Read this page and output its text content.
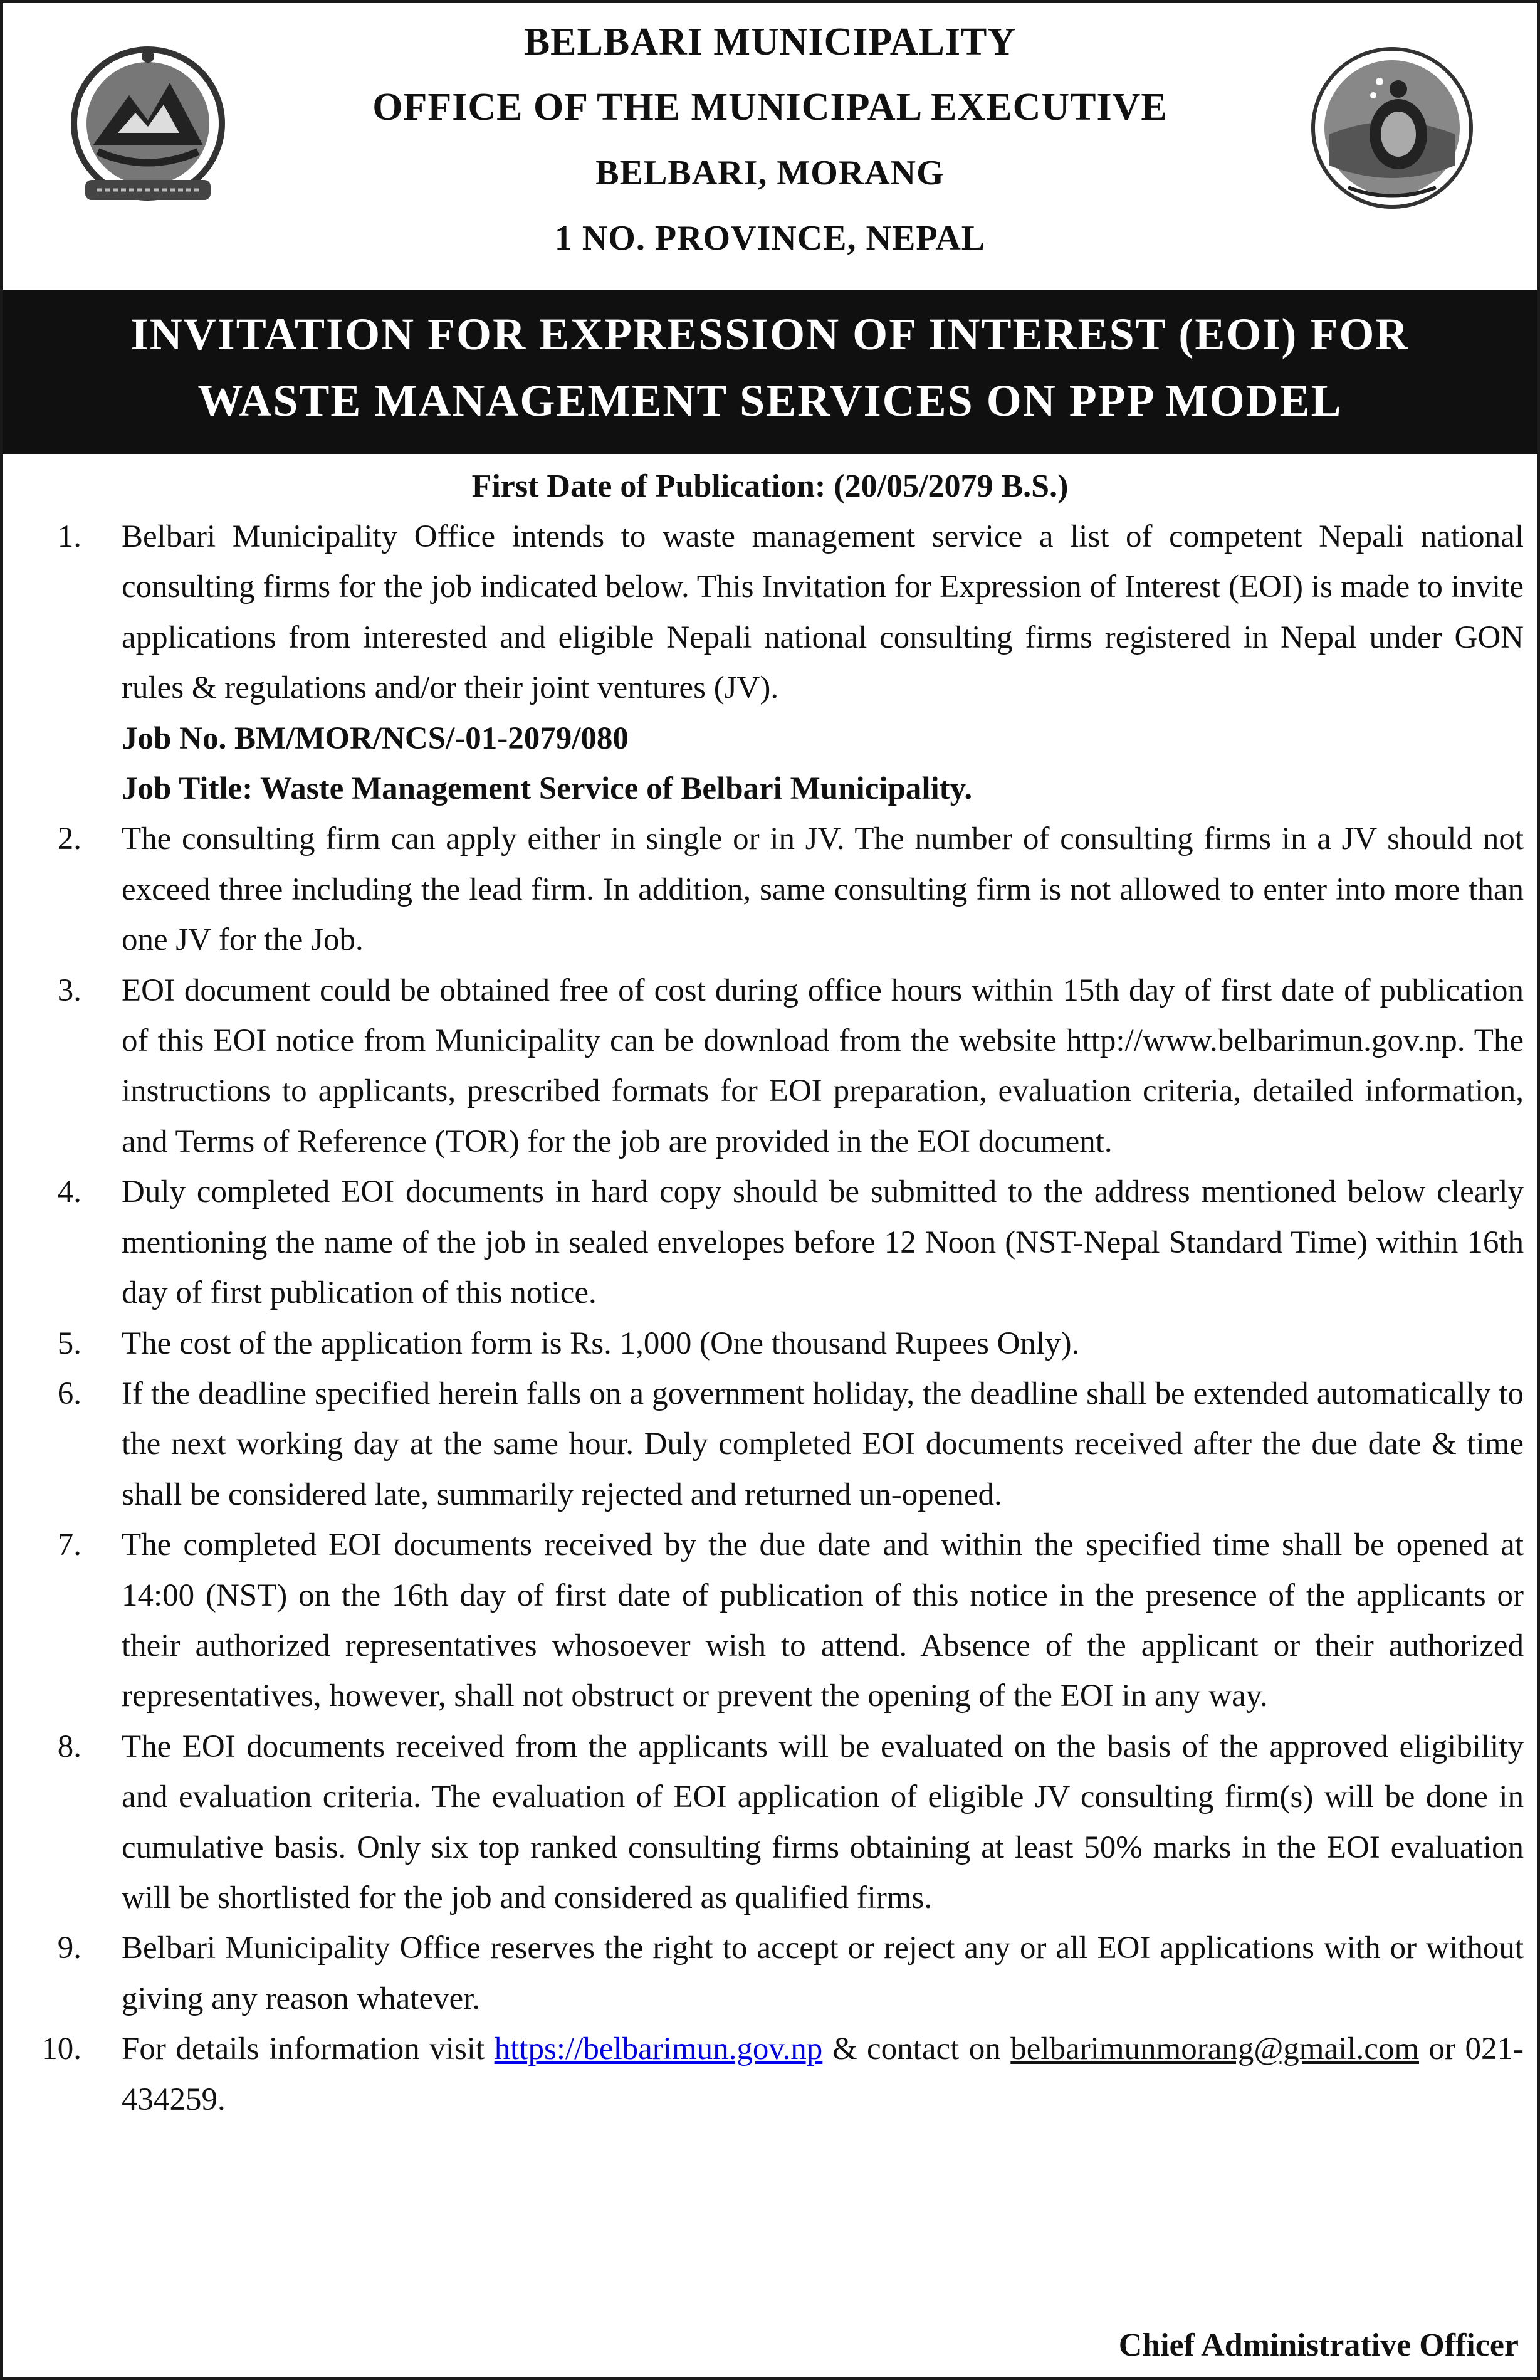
BELBARI MUNICIPALITY
OFFICE OF THE MUNICIPAL EXECUTIVE
BELBARI, MORANG
1 NO. PROVINCE, NEPAL
INVITATION FOR EXPRESSION OF INTEREST (EOI) FOR
WASTE MANAGEMENT SERVICES ON PPP MODEL
First Date of Publication: (20/05/2079 B.S.)
1. Belbari Municipality Office intends to waste management service a list of competent Nepali national consulting firms for the job indicated below. This Invitation for Expression of Interest (EOI) is made to invite applications from interested and eligible Nepali national consulting firms registered in Nepal under GON rules & regulations and/or their joint ventures (JV).
Job No. BM/MOR/NCS/-01-2079/080
Job Title: Waste Management Service of Belbari Municipality.
2. The consulting firm can apply either in single or in JV. The number of consulting firms in a JV should not exceed three including the lead firm. In addition, same consulting firm is not allowed to enter into more than one JV for the Job.
3. EOI document could be obtained free of cost during office hours within 15th day of first date of publication of this EOI notice from Municipality can be download from the website http://www.belbarimun.gov.np. The instructions to applicants, prescribed formats for EOI preparation, evaluation criteria, detailed information, and Terms of Reference (TOR) for the job are provided in the EOI document.
4. Duly completed EOI documents in hard copy should be submitted to the address mentioned below clearly mentioning the name of the job in sealed envelopes before 12 Noon (NST-Nepal Standard Time) within 16th day of first publication of this notice.
5. The cost of the application form is Rs. 1,000 (One thousand Rupees Only).
6. If the deadline specified herein falls on a government holiday, the deadline shall be extended automatically to the next working day at the same hour. Duly completed EOI documents received after the due date & time shall be considered late, summarily rejected and returned un-opened.
7. The completed EOI documents received by the due date and within the specified time shall be opened at 14:00 (NST) on the 16th day of first date of publication of this notice in the presence of the applicants or their authorized representatives whosoever wish to attend. Absence of the applicant or their authorized representatives, however, shall not obstruct or prevent the opening of the EOI in any way.
8. The EOI documents received from the applicants will be evaluated on the basis of the approved eligibility and evaluation criteria. The evaluation of EOI application of eligible JV consulting firm(s) will be done in cumulative basis. Only six top ranked consulting firms obtaining at least 50% marks in the EOI evaluation will be shortlisted for the job and considered as qualified firms.
9. Belbari Municipality Office reserves the right to accept or reject any or all EOI applications with or without giving any reason whatever.
10. For details information visit https://belbarimun.gov.np & contact on belbarimunmorang@gmail.com or 021-434259.
Chief Administrative Officer
